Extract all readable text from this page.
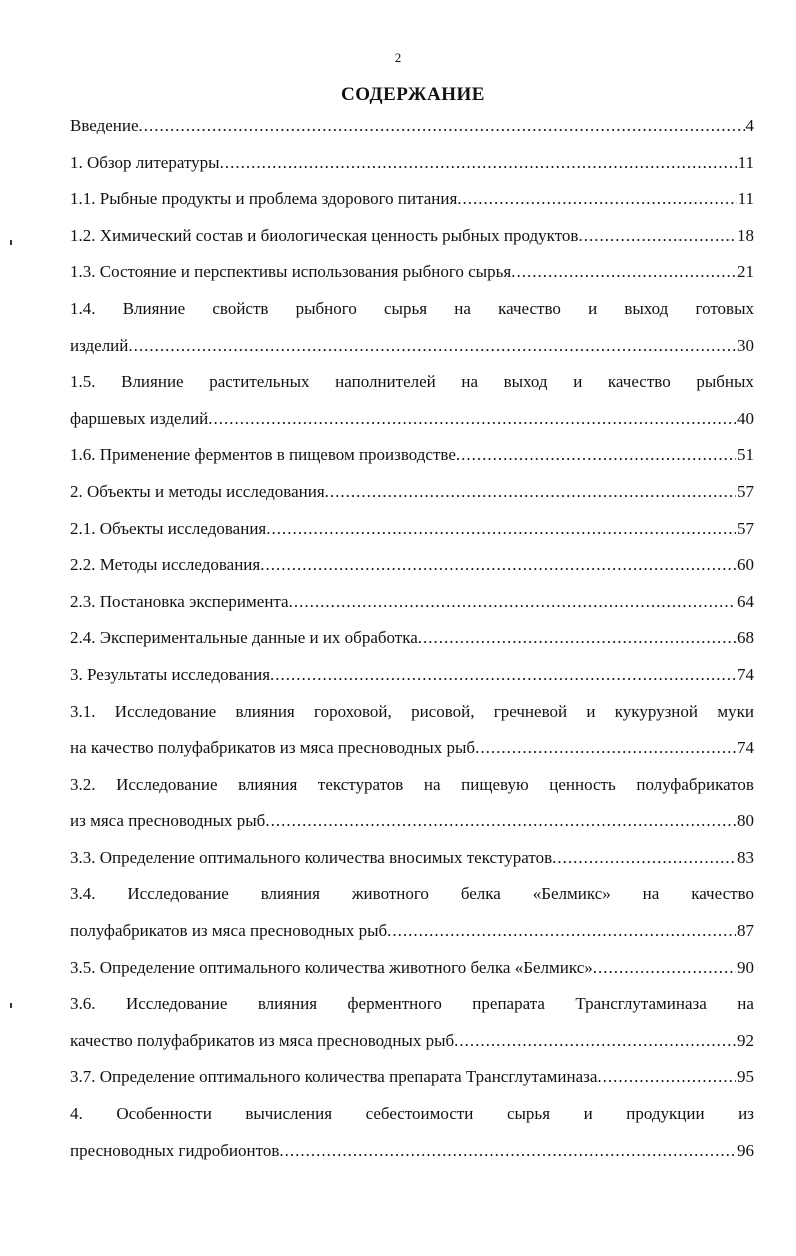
2
СОДЕРЖАНИЕ
Введение .....	4
1. Обзор литературы .....	11
1.1. Рыбные продукты и проблема здорового питания .....	11
1.2. Химический состав и биологическая ценность рыбных продуктов .....	18
1.3. Состояние и перспективы использования рыбного сырья .....	21
1.4. Влияние свойств рыбного сырья на качество и выход готовых
изделий .....	30
1.5. Влияние растительных наполнителей на выход и качество рыбных
фаршевых изделий .....	40
1.6. Применение ферментов в пищевом производстве .....	51
2. Объекты и методы исследования .....	57
2.1. Объекты исследования .....	57
2.2. Методы исследования .....	60
2.3. Постановка эксперимента .....	64
2.4. Экспериментальные данные и их обработка .....	68
3. Результаты исследования .....	74
3.1. Исследование влияния гороховой, рисовой, гречневой и кукурузной муки
на качество полуфабрикатов из мяса пресноводных рыб .....	74
3.2. Исследование влияния текстуратов на пищевую ценность полуфабрикатов
из мяса пресноводных рыб .....	80
3.3. Определение оптимального количества вносимых текстуратов .....	83
3.4. Исследование влияния животного белка «Белмикс» на качество
полуфабрикатов из мяса пресноводных рыб .....	87
3.5. Определение оптимального количества животного белка «Белмикс» .....	90
3.6. Исследование влияния ферментного препарата Трансглутаминаза на
качество полуфабрикатов из мяса пресноводных рыб .....	92
3.7. Определение оптимального количества препарата Трансглутаминаза .....	95
4. Особенности вычисления себестоимости сырья и продукции из
пресноводных гидробионтов .....	96
